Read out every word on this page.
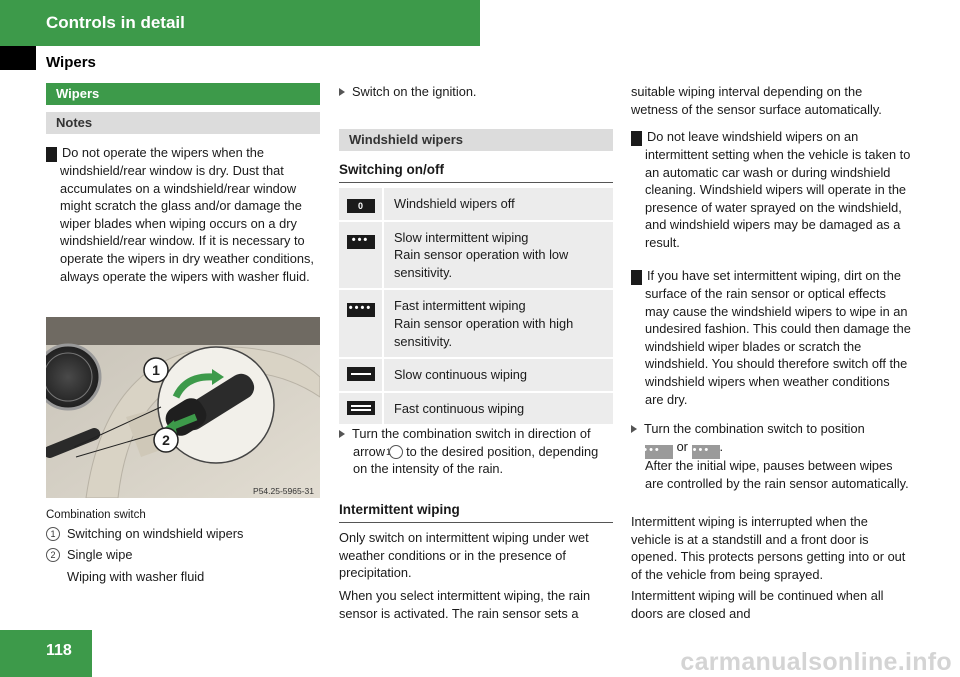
Controls in detail
Wipers
Wipers
Notes
! Do not operate the wipers when the windshield/rear window is dry. Dust that accumulates on a windshield/rear window might scratch the glass and/or damage the wiper blades when wiping occurs on a dry windshield/rear window. If it is necessary to operate the wipers in dry weather conditions, always operate the wipers with washer fluid.
1
2
P54.25-5965-31
Combination switch
1 Switching on windshield wipers
2 Single wipe
Wiping with washer fluid
Switch on the ignition.
Windshield wipers
Switching on/off
0	Windshield wipers off
•••	Slow intermittent wiping
Rain sensor operation with low sensitivity.
••••	Fast intermittent wiping
Rain sensor operation with high sensitivity.

	Slow continuous wiping

	Fast continuous wiping
Turn the combination switch in direction of arrow 1 to the desired position, depending on the intensity of the rain.
Intermittent wiping
Only switch on intermittent wiping under wet weather conditions or in the presence of precipitation.
When you select intermittent wiping, the rain sensor is activated. The rain sensor sets a
suitable wiping interval depending on the wetness of the sensor surface automatically.
! Do not leave windshield wipers on an intermittent setting when the vehicle is taken to an automatic car wash or during windshield cleaning. Windshield wipers will operate in the presence of water sprayed on the windshield, and windshield wipers may be damaged as a result.
! If you have set intermittent wiping, dirt on the surface of the rain sensor or optical effects may cause the windshield wipers to wipe in an undesired fashion. This could then damage the windshield wiper blades or scratch the windshield. You should therefore switch off the windshield wipers when weather conditions are dry.
Turn the combination switch to position
••• or •••• .
After the initial wipe, pauses between wipes are controlled by the rain sensor automatically.
Intermittent wiping is interrupted when the vehicle is at a standstill and a front door is opened. This protects persons getting into or out of the vehicle from being sprayed.
Intermittent wiping will be continued when all doors are closed and
118	carmanualsonline.info
